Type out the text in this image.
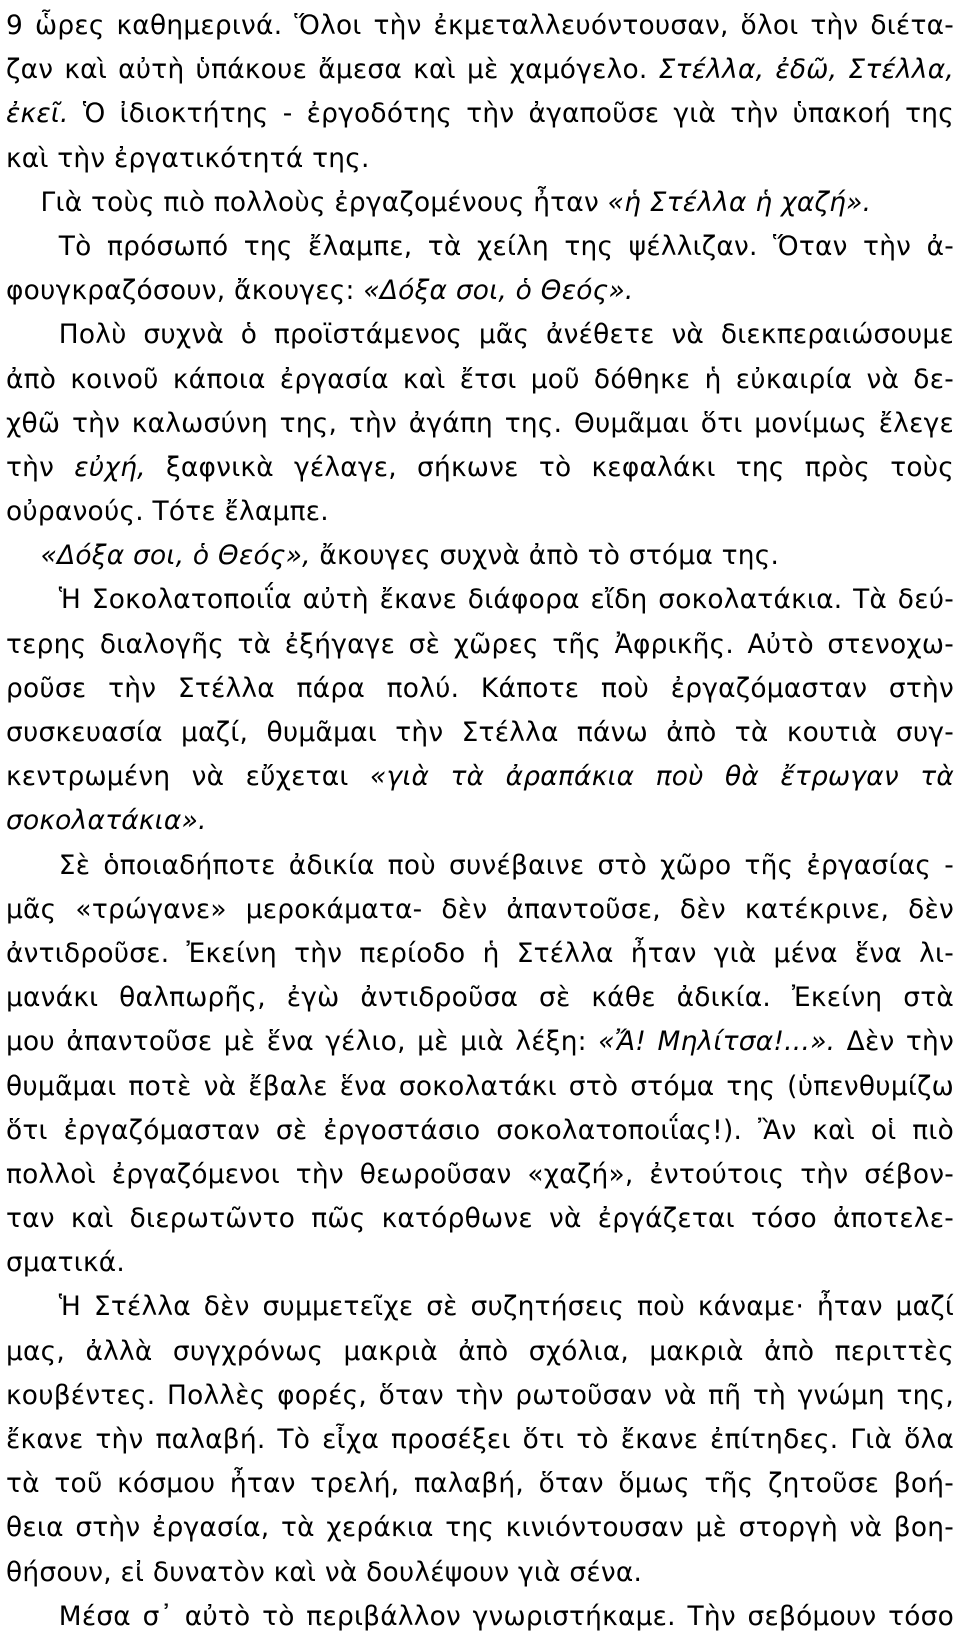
9 ὧρες καθημερινά. Ὅλοι τὴν ἐκμεταλλευόντουσαν, ὅλοι τὴν διέτα-
ζαν καὶ αὐτὴ ὑπάκουε ἄμεσα καὶ μὲ χαμόγελο. Στέλλα, ἐδῶ, Στέλλα,
ἐκεῖ. Ὁ ἰδιοκτήτης - ἐργοδότης τὴν ἀγαποῦσε γιὰ τὴν ὑπακοή της
καὶ τὴν ἐργατικότητά της.
Γιὰ τοὺς πιὸ πολλοὺς ἐργαζομένους ἦταν «ἡ Στέλλα ἡ χαζή».
Τὸ πρόσωπό της ἔλαμπε, τὰ χείλη της ψέλλιζαν. Ὅταν τὴν ἀ-
φουγκραζόσουν, ἄκουγες: «Δόξα σοι, ὁ Θεός».
Πολὺ συχνὰ ὁ προϊστάμενος μᾶς ἀνέθετε νὰ διεκπεραιώσουμε
ἀπὸ κοινοῦ κάποια ἐργασία καὶ ἔτσι μοῦ δόθηκε ἡ εὐκαιρία νὰ δε-
χθῶ τὴν καλωσύνη της, τὴν ἀγάπη της. Θυμᾶμαι ὅτι μονίμως ἔλεγε
τὴν εὐχή, ξαφνικὰ γέλαγε, σήκωνε τὸ κεφαλάκι της πρὸς τοὺς
οὐρανούς. Τότε ἔλαμπε.
«Δόξα σοι, ὁ Θεός», ἄκουγες συχνὰ ἀπὸ τὸ στόμα της.
Ἡ Σοκολατοποιΐα αὐτὴ ἔκανε διάφορα εἴδη σοκολατάκια. Τὰ δεύ-
τερης διαλογῆς τὰ ἐξήγαγε σὲ χῶρες τῆς Ἀφρικῆς. Αὐτὸ στενοχω-
ροῦσε τὴν Στέλλα πάρα πολύ. Κάποτε ποὺ ἐργαζόμασταν στὴν
συσκευασία μαζί, θυμᾶμαι τὴν Στέλλα πάνω ἀπὸ τὰ κουτιὰ συγ-
κεντρωμένη νὰ εὔχεται «γιὰ τὰ ἀραπάκια ποὺ θὰ ἔτρωγαν τὰ
σοκολατάκια».
Σὲ ὁποιαδήποτε ἀδικία ποὺ συνέβαινε στὸ χῶρο τῆς ἐργασίας -
μᾶς «τρώγανε» μεροκάματα- δὲν ἀπαντοῦσε, δὲν κατέκρινε, δὲν
ἀντιδροῦσε. Ἐκείνη τὴν περίοδο ἡ Στέλλα ἦταν γιὰ μένα ἕνα λι-
μανάκι θαλπωρῆς, ἐγὼ ἀντιδροῦσα σὲ κάθε ἀδικία. Ἐκείνη στὰ
μου ἀπαντοῦσε μὲ ἕνα γέλιο, μὲ μιὰ λέξη: «Ἄ! Μηλίτσα!...». Δὲν τὴν
θυμᾶμαι ποτὲ νὰ ἔβαλε ἕνα σοκολατάκι στὸ στόμα της (ὑπενθυμίζω
ὅτι ἐργαζόμασταν σὲ ἐργοστάσιο σοκολατοποιΐας!). Ἂν καὶ οἱ πιὸ
πολλοὶ ἐργαζόμενοι τὴν θεωροῦσαν «χαζή», ἐντούτοις τὴν σέβον-
ταν καὶ διερωτῶντο πῶς κατόρθωνε νὰ ἐργάζεται τόσο ἀποτελε-
σματικά.
Ἡ Στέλλα δὲν συμμετεῖχε σὲ συζητήσεις ποὺ κάναμε· ἦταν μαζί
μας, ἀλλὰ συγχρόνως μακριὰ ἀπὸ σχόλια, μακριὰ ἀπὸ περιττὲς
κουβέντες. Πολλὲς φορές, ὅταν τὴν ρωτοῦσαν νὰ πῆ τὴ γνώμη της,
ἔκανε τὴν παλαβή. Τὸ εἶχα προσέξει ὅτι τὸ ἔκανε ἐπίτηδες. Γιὰ ὅλα
τὰ τοῦ κόσμου ἦταν τρελή, παλαβή, ὅταν ὅμως τῆς ζητοῦσε βοή-
θεια στὴν ἐργασία, τὰ χεράκια της κινιόντουσαν μὲ στοργὴ νὰ βοη-
θήσουν, εἰ δυνατὸν καὶ νὰ δουλέψουν γιὰ σένα.
Μέσα σ᾽ αὐτὸ τὸ περιβάλλον γνωριστήκαμε. Τὴν σεβόμουν τόσο
